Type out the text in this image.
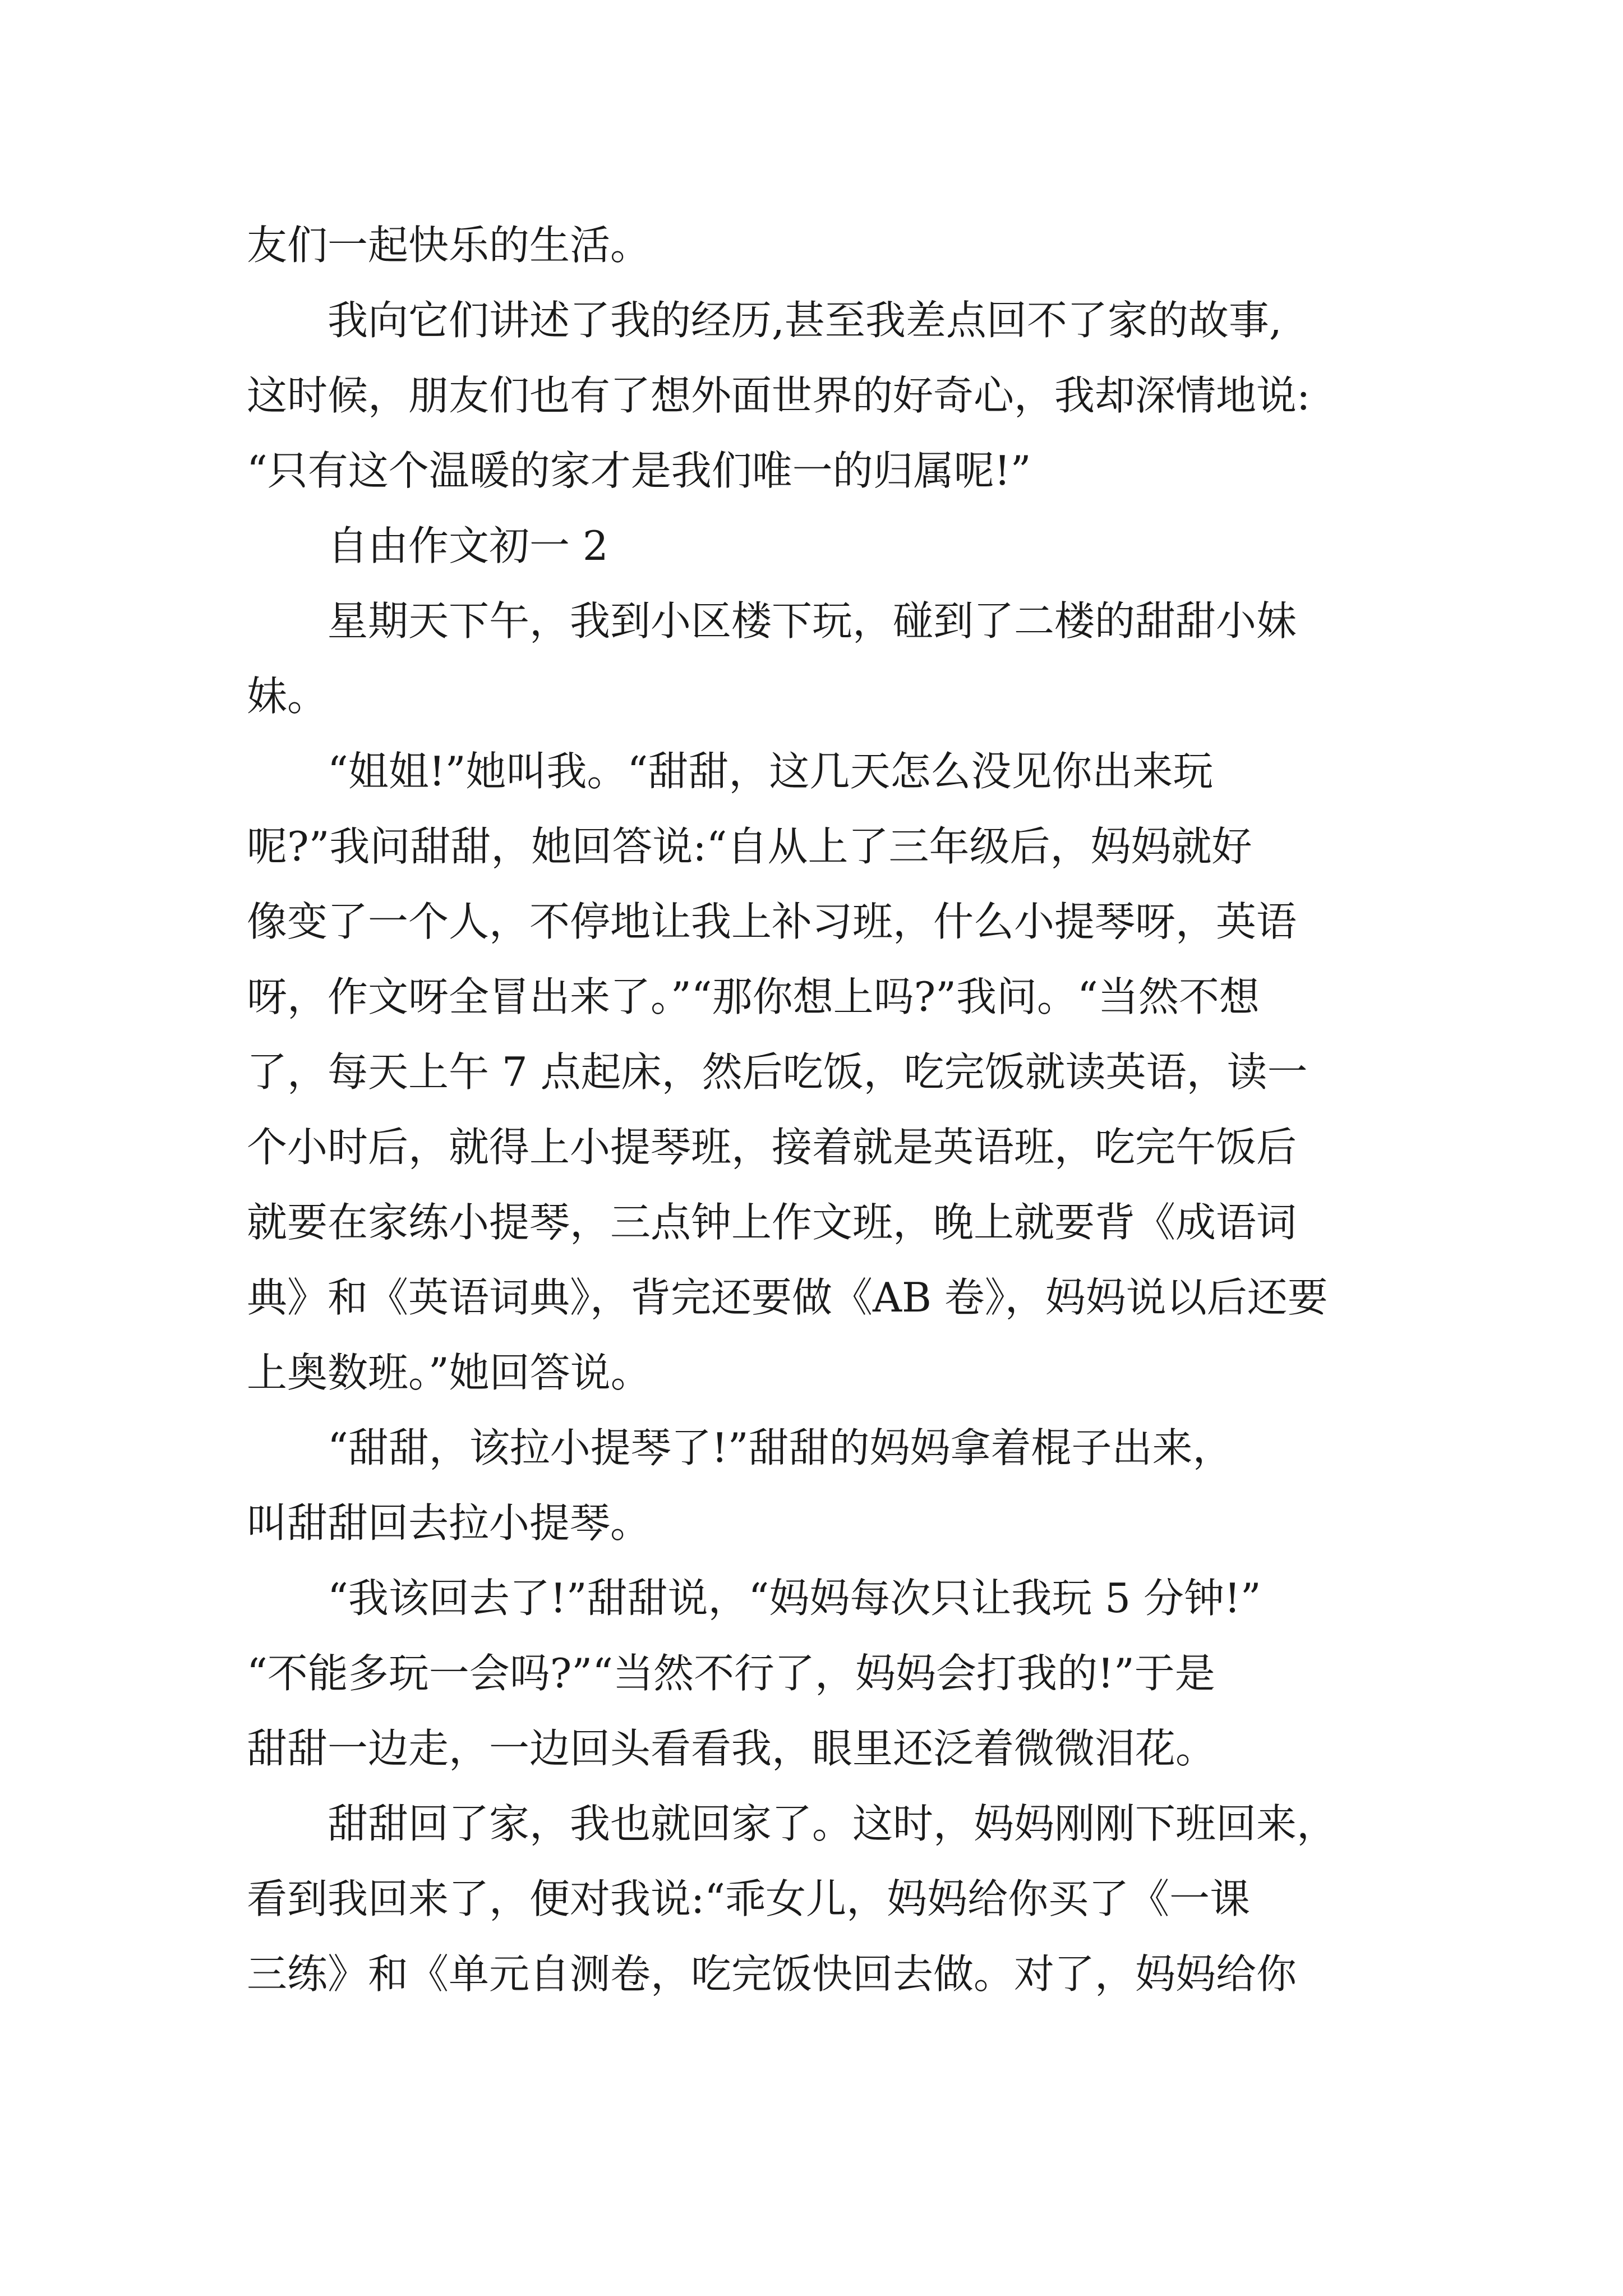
友们一起快乐的生活。
　　我向它们讲述了我的经历,甚至我差点回不了家的故事,
这时候，朋友们也有了想外面世界的好奇心，我却深情地说:
“只有这个温暖的家才是我们唯一的归属呢!”
　　自由作文初一 2
　　星期天下午，我到小区楼下玩，碰到了二楼的甜甜小妹
妹。
　　“姐姐!”她叫我。“甜甜，这几天怎么没见你出来玩
呢?”我问甜甜，她回答说:“自从上了三年级后，妈妈就好
像变了一个人，不停地让我上补习班，什么小提琴呀，英语
呀，作文呀全冒出来了。”“那你想上吗?”我问。“当然不想
了，每天上午 7 点起床，然后吃饭，吃完饭就读英语，读一
个小时后，就得上小提琴班，接着就是英语班，吃完午饭后
就要在家练小提琴，三点钟上作文班，晚上就要背《成语词
典》和《英语词典》，背完还要做《AB 卷》，妈妈说以后还要
上奥数班。”她回答说。
　　“甜甜，该拉小提琴了!”甜甜的妈妈拿着棍子出来，
叫甜甜回去拉小提琴。
　　“我该回去了!”甜甜说，“妈妈每次只让我玩 5 分钟!”
“不能多玩一会吗?”“当然不行了，妈妈会打我的!”于是
甜甜一边走，一边回头看看我，眼里还泛着微微泪花。
　　甜甜回了家，我也就回家了。这时，妈妈刚刚下班回来，
看到我回来了，便对我说:“乖女儿，妈妈给你买了《一课
三练》和《单元自测卷，吃完饭快回去做。对了，妈妈给你
